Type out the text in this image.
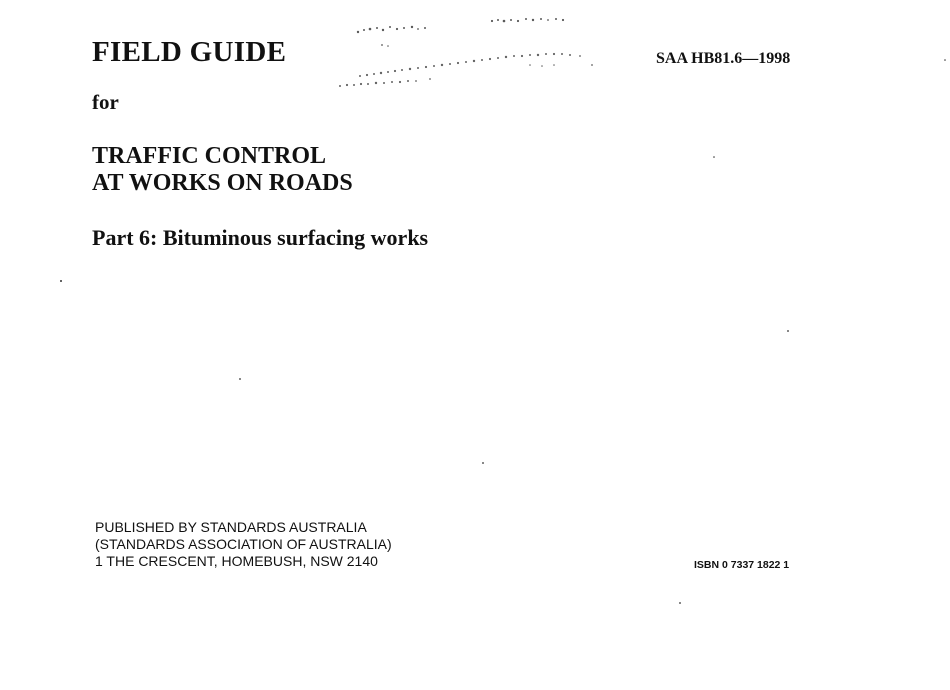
FIELD GUIDE	SAA HB81.6—1998
for
TRAFFIC CONTROL
AT WORKS ON ROADS
Part 6: Bituminous surfacing works
PUBLISHED BY STANDARDS AUSTRALIA
(STANDARDS ASSOCIATION OF AUSTRALIA)
1 THE CRESCENT, HOMEBUSH, NSW 2140	ISBN 0 7337 1822 1
